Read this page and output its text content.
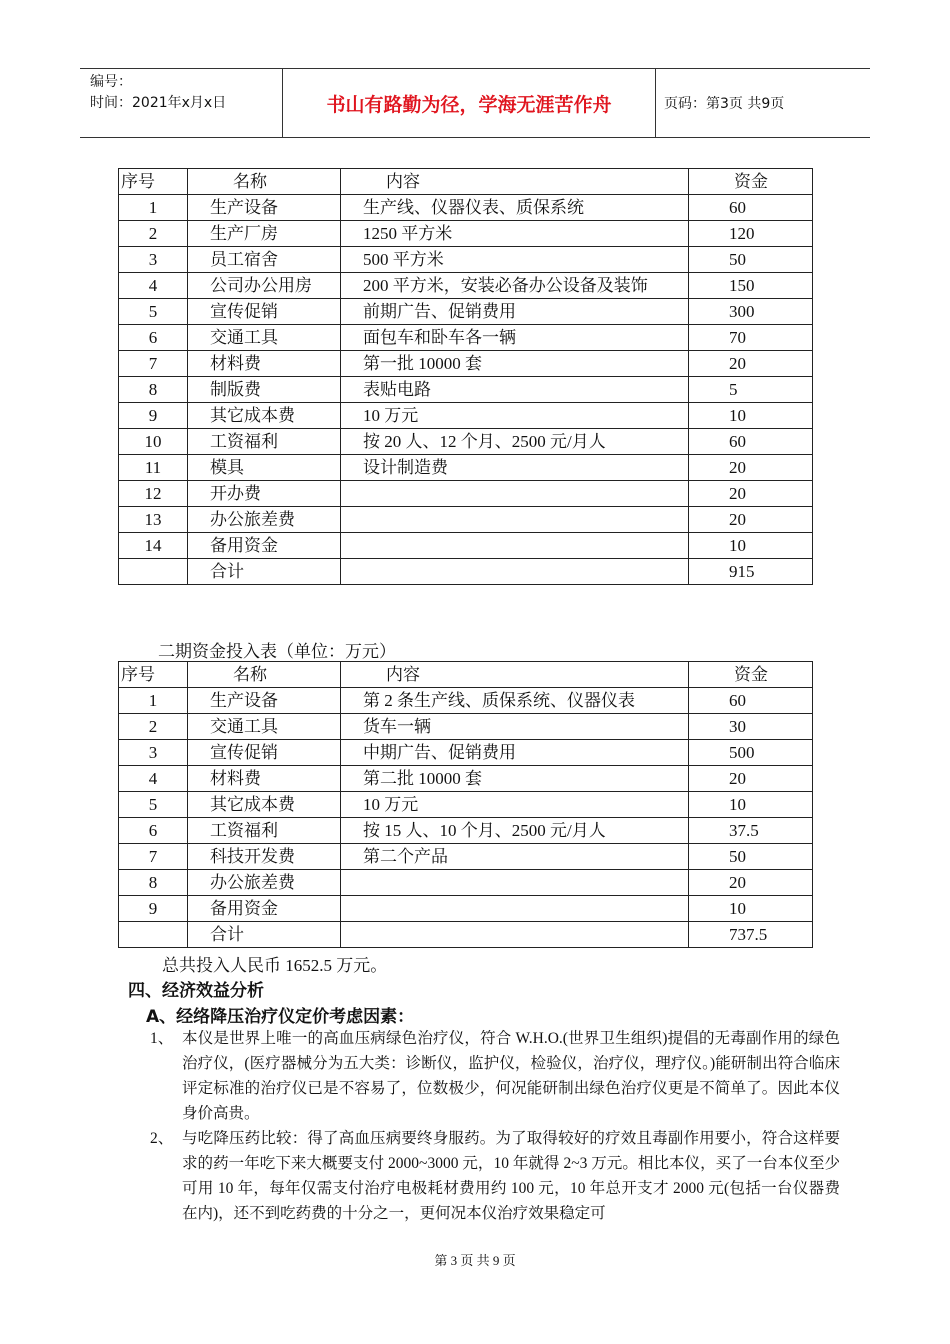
编号：
时间：2021年x月x日	书山有路勤为径，学海无涯苦作舟	页码：第3页 共9页
序号	名称	内容	资金
1	生产设备	生产线、仪器仪表、质保系统	60
2	生产厂房	1250 平方米	120
3	员工宿舍	500 平方米	50
4	公司办公用房	200 平方米，安装必备办公设备及装饰	150
5	宣传促销	前期广告、促销费用	300
6	交通工具	面包车和卧车各一辆	70
7	材料费	第一批 10000 套	20
8	制版费	表贴电路	5
9	其它成本费	10 万元	10
10	工资福利	按 20 人、12 个月、2500 元/月人	60
11	模具	设计制造费	20
12	开办费		20
13	办公旅差费		20
14	备用资金		10
	合计		915
二期资金投入表（单位：万元）
序号	名称	内容	资金
1	生产设备	第 2 条生产线、质保系统、仪器仪表	60
2	交通工具	货车一辆	30
3	宣传促销	中期广告、促销费用	500
4	材料费	第二批 10000 套	20
5	其它成本费	10 万元	10
6	工资福利	按 15 人、10 个月、2500 元/月人	37.5
7	科技开发费	第二个产品	50
8	办公旅差费		20
9	备用资金		10
	合计		737.5
总共投入人民币 1652.5 万元。
四、经济效益分析
A、经络降压治疗仪定价考虑因素：
1、 本仪是世界上唯一的高血压病绿色治疗仪，符合 W.H.O.(世界卫生组织)提倡的无毒副作用的绿色治疗仪，(医疗器械分为五大类：诊断仪，监护仪，检验仪，治疗仪，理疗仪。)能研制出符合临床评定标准的治疗仪已是不容易了，位数极少，何况能研制出绿色治疗仪更是不简单了。因此本仪身价高贵。
2、 与吃降压药比较：得了高血压病要终身服药。为了取得较好的疗效且毒副作用要小，符合这样要求的药一年吃下来大概要支付 2000~3000 元，10 年就得 2~3 万元。相比本仪，买了一台本仪至少可用 10 年，每年仅需支付治疗电极耗材费用约 100 元，10 年总开支才 2000 元(包括一台仪器费在内)，还不到吃药费的十分之一，更何况本仪治疗效果稳定可
第 3 页 共 9 页
